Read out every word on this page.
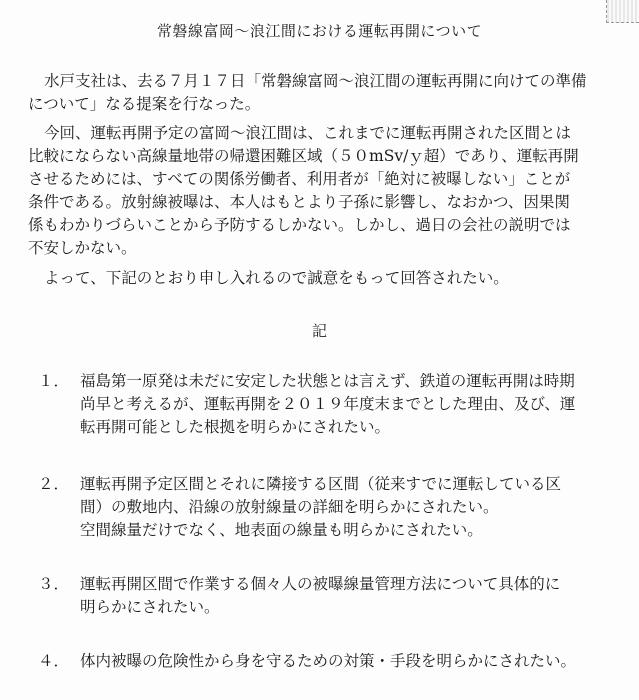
常磐線富岡～浪江間における運転再開について
水戸支社は、去る７月１７日「常磐線富岡～浪江間の運転再開に向けての準備
について」なる提案を行なった。
今回、運転再開予定の富岡～浪江間は、これまでに運転再開された区間とは
比較にならない高線量地帯の帰還困難区域（５０mSv/ｙ超）であり、運転再開
させるためには、すべての関係労働者、利用者が「絶対に被曝しない」ことが
条件である。放射線被曝は、本人はもとより子孫に影響し、なおかつ、因果関
係もわかりづらいことから予防するしかない。しかし、過日の会社の説明では
不安しかない。
よって、下記のとおり申し入れるので誠意をもって回答されたい。
記
１． 福島第一原発は未だに安定した状態とは言えず、鉄道の運転再開は時期
尚早と考えるが、運転再開を２０１９年度末までとした理由、及び、運
転再開可能とした根拠を明らかにされたい。
２． 運転再開予定区間とそれに隣接する区間（従来すでに運転している区
間）の敷地内、沿線の放射線量の詳細を明らかにされたい。
空間線量だけでなく、地表面の線量も明らかにされたい。
３． 運転再開区間で作業する個々人の被曝線量管理方法について具体的に
明らかにされたい。
４． 体内被曝の危険性から身を守るための対策・手段を明らかにされたい。
